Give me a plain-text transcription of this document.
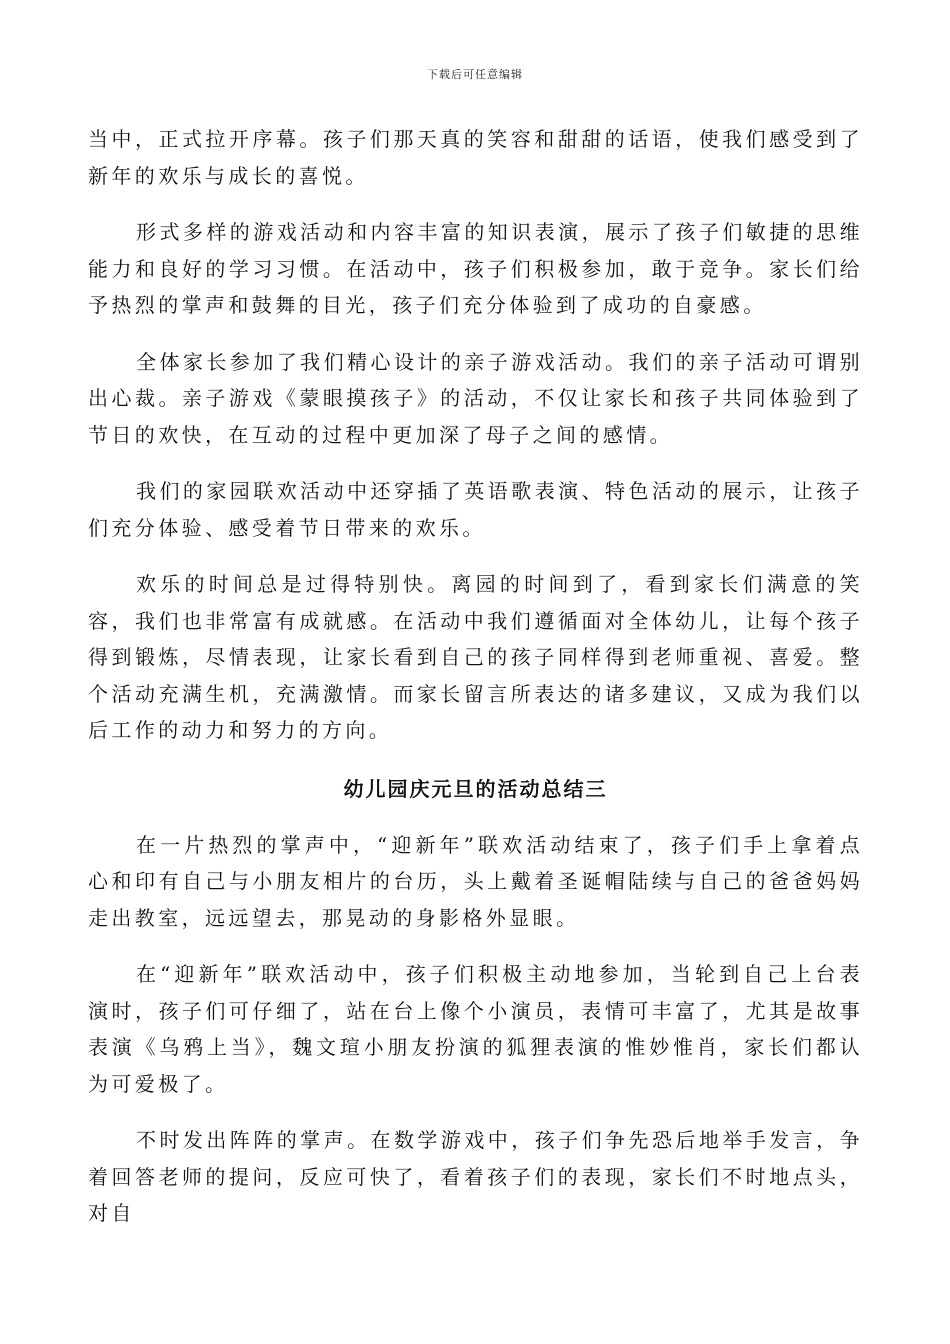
下载后可任意编辑

当中，正式拉开序幕。孩子们那天真的笑容和甜甜的话语，使我们感受到了新年的欢乐与成长的喜悦。

形式多样的游戏活动和内容丰富的知识表演，展示了孩子们敏捷的思维能力和良好的学习习惯。在活动中，孩子们积极参加，敢于竞争。家长们给予热烈的掌声和鼓舞的目光，孩子们充分体验到了成功的自豪感。

全体家长参加了我们精心设计的亲子游戏活动。我们的亲子活动可谓别出心裁。亲子游戏《蒙眼摸孩子》的活动，不仅让家长和孩子共同体验到了节日的欢快，在互动的过程中更加深了母子之间的感情。

我们的家园联欢活动中还穿插了英语歌表演、特色活动的展示，让孩子们充分体验、感受着节日带来的欢乐。

欢乐的时间总是过得特别快。离园的时间到了，看到家长们满意的笑容，我们也非常富有成就感。在活动中我们遵循面对全体幼儿，让每个孩子得到锻炼，尽情表现，让家长看到自己的孩子同样得到老师重视、喜爱。整个活动充满生机，充满激情。而家长留言所表达的诸多建议，又成为我们以后工作的动力和努力的方向。

幼儿园庆元旦的活动总结三

在一片热烈的掌声中，“迎新年”联欢活动结束了，孩子们手上拿着点心和印有自己与小朋友相片的台历，头上戴着圣诞帽陆续与自己的爸爸妈妈走出教室，远远望去，那晃动的身影格外显眼。

在“迎新年”联欢活动中，孩子们积极主动地参加，当轮到自己上台表演时，孩子们可仔细了，站在台上像个小演员，表情可丰富了，尤其是故事表演《乌鸦上当》，魏文瑄小朋友扮演的狐狸表演的惟妙惟肖，家长们都认为可爱极了。

不时发出阵阵的掌声。在数学游戏中，孩子们争先恐后地举手发言，争着回答老师的提问，反应可快了，看着孩子们的表现，家长们不时地点头，对自
